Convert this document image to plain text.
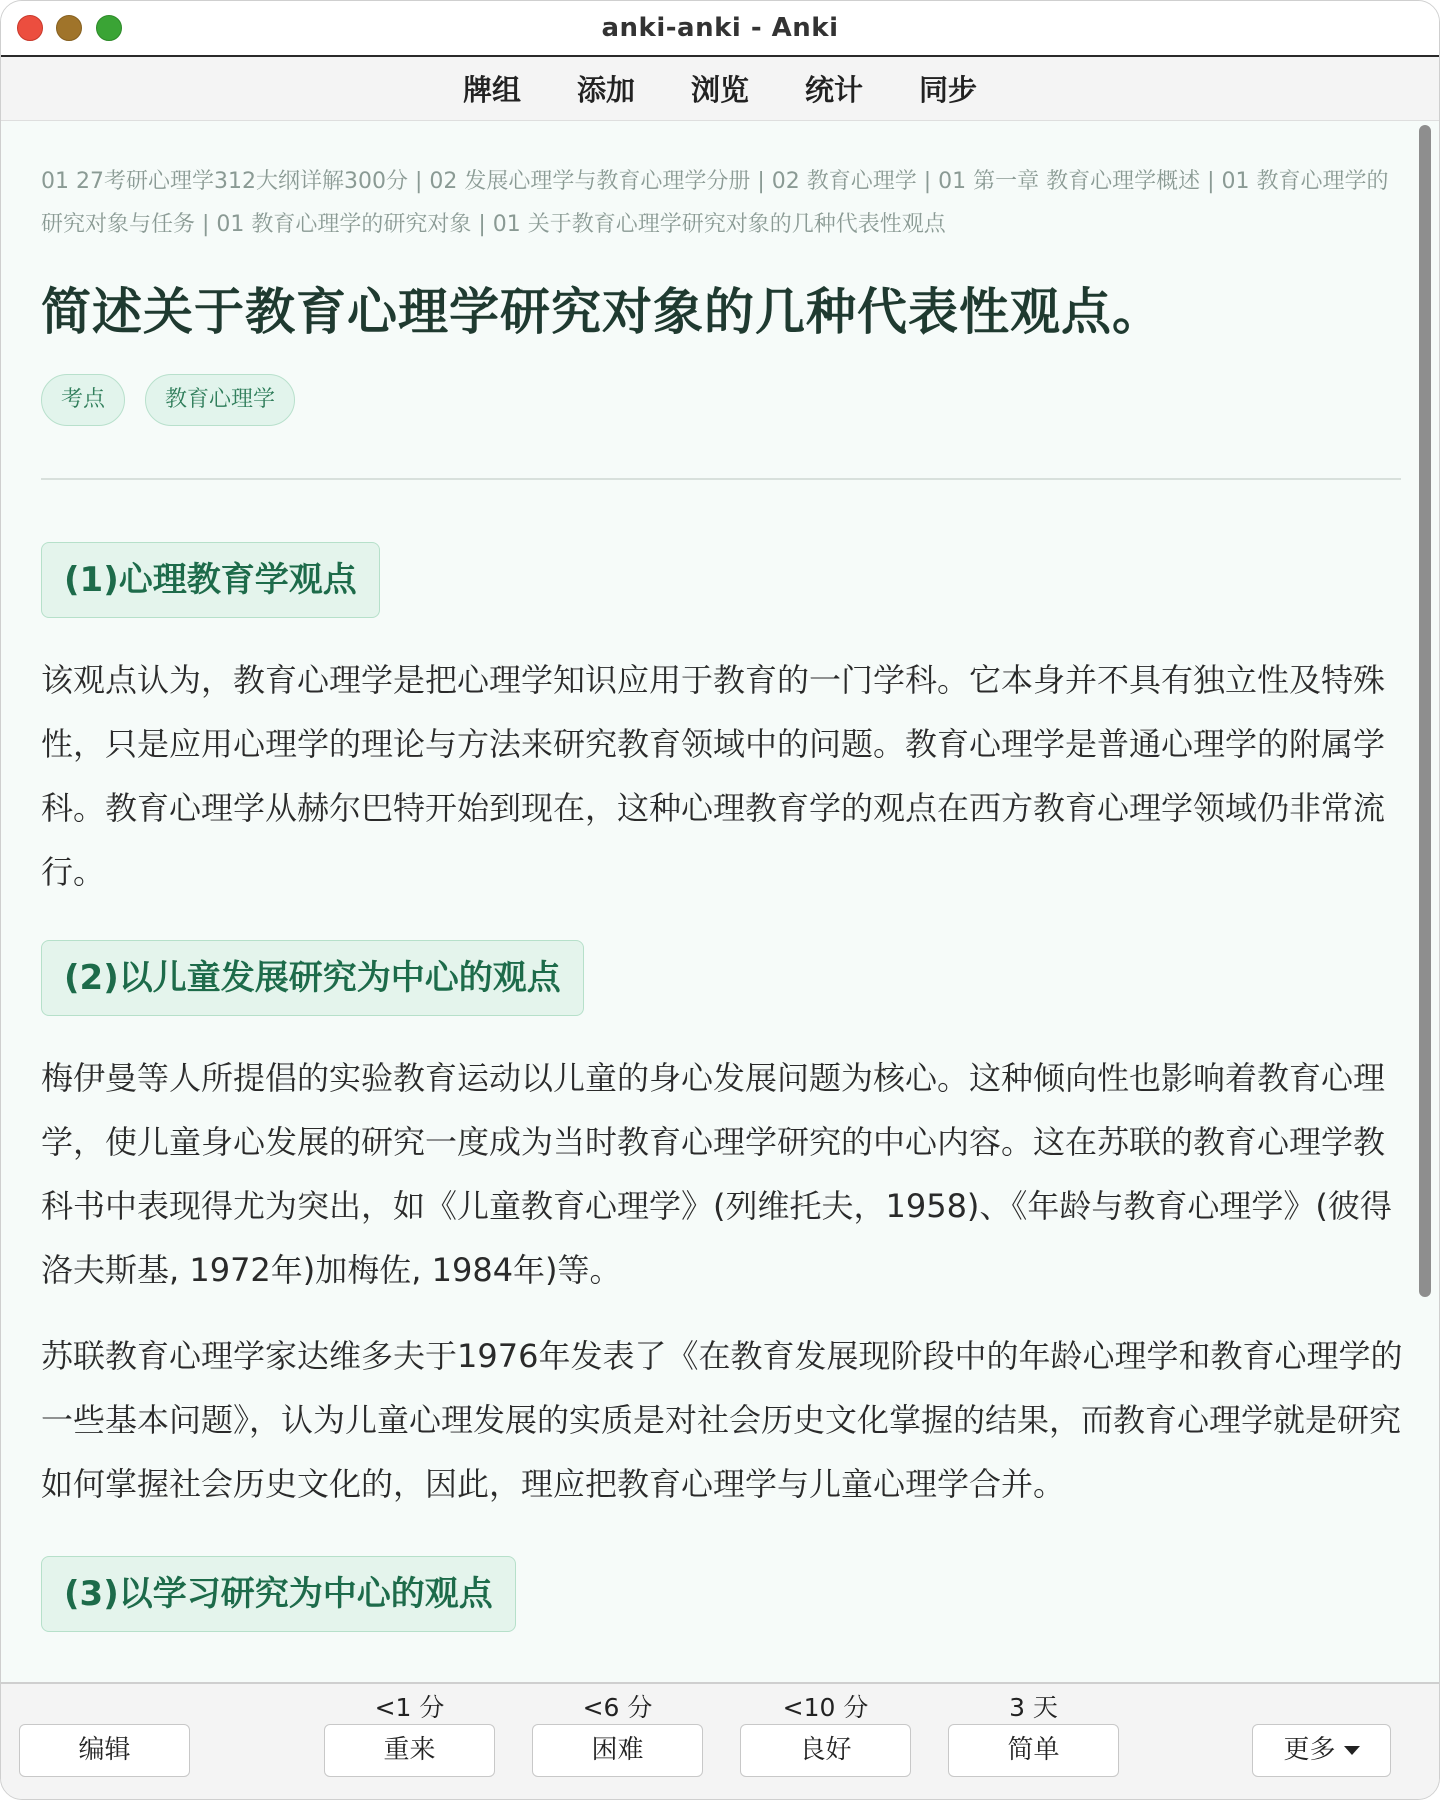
anki-anki - Anki
牌组	添加	浏览	统计	同步
01 27考研心理学312大纲详解300分 | 02 发展心理学与教育心理学分册 | 02 教育心理学 | 01 第一章 教育心理学概述 | 01 教育心理学的研究对象与任务 | 01 教育心理学的研究对象 | 01 关于教育心理学研究对象的几种代表性观点
简述关于教育心理学研究对象的几种代表性观点。
考点	教育心理学
(1)心理教育学观点

该观点认为，教育心理学是把心理学知识应用于教育的一门学科。它本身并不具有独立性及特殊性，只是应用心理学的理论与方法来研究教育领域中的问题。教育心理学是普通心理学的附属学科。教育心理学从赫尔巴特开始到现在，这种心理教育学的观点在西方教育心理学领域仍非常流行。

(2)以儿童发展研究为中心的观点

梅伊曼等人所提倡的实验教育运动以儿童的身心发展问题为核心。这种倾向性也影响着教育心理学，使儿童身心发展的研究一度成为当时教育心理学研究的中心内容。这在苏联的教育心理学教科书中表现得尤为突出，如《儿童教育心理学》(列维托夫，1958)、《年龄与教育心理学》(彼得洛夫斯基, 1972年)加梅佐, 1984年)等。

苏联教育心理学家达维多夫于1976年发表了《在教育发展现阶段中的年龄心理学和教育心理学的一些基本问题》，认为儿童心理发展的实质是对社会历史文化掌握的结果，而教育心理学就是研究如何掌握社会历史文化的，因此，理应把教育心理学与儿童心理学合并。

(3)以学习研究为中心的观点
编辑
<1 分
重来
<6 分
困难
<10 分
良好
3 天
简单	更多
